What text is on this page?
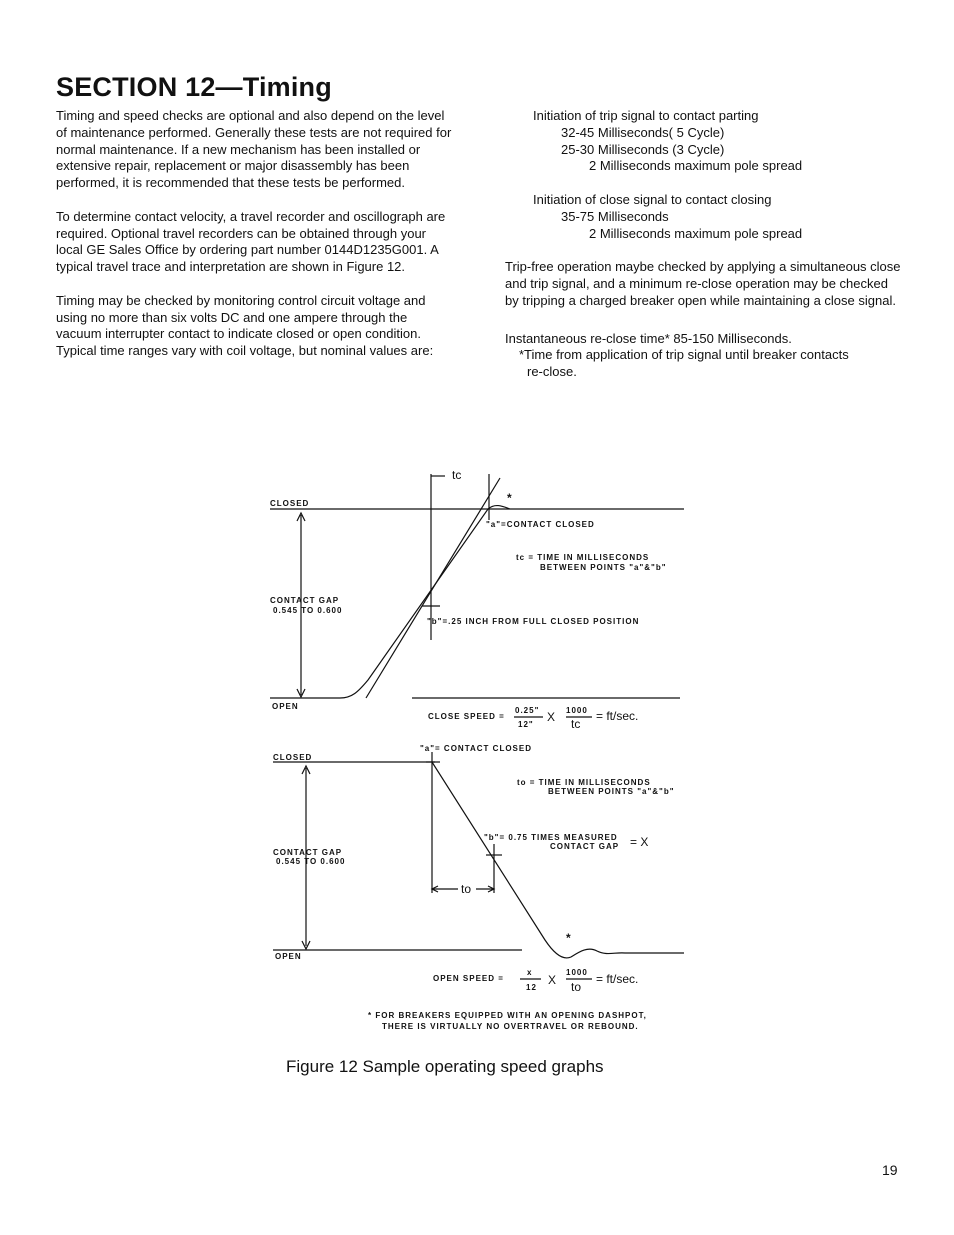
SECTION 12—Timing

Timing and speed checks are optional and also depend on the level of maintenance performed. Generally these tests are not required for normal maintenance. If a new mechanism has been installed or extensive repair, replacement or major disassembly has been performed, it is recommended that these tests be performed.

To determine contact velocity, a travel recorder and oscillograph are required. Optional travel recorders can be obtained through your local GE Sales Office by ordering part number 0144D1235G001. A typical travel trace and interpretation are shown in Figure 12.

Timing may be checked by monitoring control circuit voltage and using no more than six volts DC and one ampere through the vacuum interrupter contact to indicate closed or open condition. Typical time ranges vary with coil voltage, but nominal values are:

Initiation of trip signal to contact parting
32-45 Milliseconds( 5 Cycle)
25-30 Milliseconds (3 Cycle)
2 Milliseconds maximum pole spread
Initiation of close signal to contact closing
35-75 Milliseconds
2 Milliseconds maximum pole spread

Trip-free operation maybe checked by applying a simultaneous close and trip signal, and a minimum re-close operation may be checked by tripping a charged breaker open while maintaining a close signal.

Instantaneous re-close time* 85-150 Milliseconds.
*Time from application of trip signal until breaker contacts
re-close.
CLOSED
OPEN
CONTACT GAP
0.545 TO 0.600
tc
*
"a"=CONTACT CLOSED
tc = TIME IN MILLISECONDS
BETWEEN POINTS "a"&"b"
"b"=.25 INCH FROM FULL CLOSED POSITION
CLOSE SPEED =
0.25"
12"
X 1000
tc
= ft/sec.
CLOSED
OPEN
CONTACT GAP
0.545 TO 0.600
"a"= CONTACT CLOSED
to = TIME IN MILLISECONDS
BETWEEN POINTS "a"&"b"
"b"= 0.75 TIMES MEASURED
CONTACT GAP = X
to
*
OPEN SPEED =
x
12
X
1000
to
= ft/sec.
* FOR BREAKERS EQUIPPED WITH AN OPENING DASHPOT,
THERE IS VIRTUALLY NO OVERTRAVEL OR REBOUND.
Figure 12 Sample operating speed graphs
19
